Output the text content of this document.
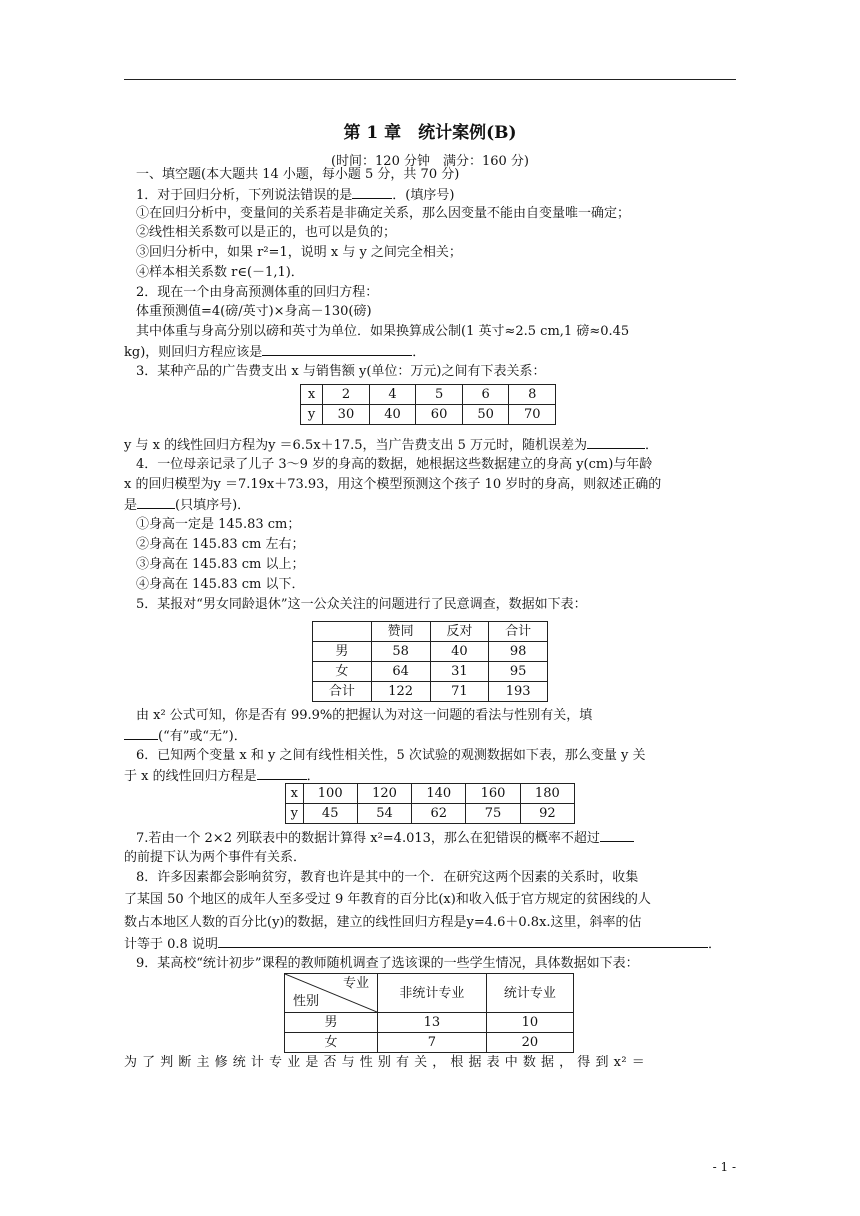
第 1 章　统计案例(B)
(时间：120 分钟　满分：160 分)
一、填空题(本大题共 14 小题，每小题 5 分，共 70 分)
1．对于回归分析，下列说法错误的是	．(填序号)
①在回归分析中，变量间的关系若是非确定关系，那么因变量不能由自变量唯一确定；
②线性相关系数可以是正的，也可以是负的；
③回归分析中，如果 r²=1，说明 x 与 y 之间完全相关；
④样本相关系数 r∈(－1,1)．
2．现在一个由身高预测体重的回归方程：
体重预测值=4(磅/英寸)×身高－130(磅)
其中体重与身高分别以磅和英寸为单位．如果换算成公制(1 英寸≈2.5 cm,1 磅≈0.45
kg)，则回归方程应该是	．
3．某种产品的广告费支出 x 与销售额 y(单位：万元)之间有下表关系：
x	2	4	5	6	8
y	30	40	60	50	70
y 与 x 的线性回归方程为y ＝6.5x＋17.5，当广告费支出 5 万元时，随机误差为	．
4．一位母亲记录了儿子 3～9 岁的身高的数据，她根据这些数据建立的身高 y(cm)与年龄
x 的回归模型为y ＝7.19x＋73.93，用这个模型预测这个孩子 10 岁时的身高，则叙述正确的
是	(只填序号)．
①身高一定是 145.83 cm；
②身高在 145.83 cm 左右；
③身高在 145.83 cm 以上；
④身高在 145.83 cm 以下．
5．某报对“男女同龄退休”这一公众关注的问题进行了民意调查，数据如下表：
	赞同	反对	合计
男	58	40	98
女	64	31	95
合计	122	71	193
由 x² 公式可知，你是否有 99.9%的把握认为对这一问题的看法与性别有关，填
(“有”或“无”)．
6．已知两个变量 x 和 y 之间有线性相关性，5 次试验的观测数据如下表，那么变量 y 关
于 x 的线性回归方程是	．
x	100	120	140	160	180
y	45	54	62	75	92
7.若由一个 2×2 列联表中的数据计算得 x²=4.013，那么在犯错误的概率不超过
的前提下认为两个事件有关系．
8．许多因素都会影响贫穷，教育也许是其中的一个．在研究这两个因素的关系时，收集
了某国 50 个地区的成年人至多受过 9 年教育的百分比(x)和收入低于官方规定的贫困线的人
数占本地区人数的百分比(y)的数据，建立的线性回归方程是y=4.6＋0.8x.这里，斜率的估
计等于 0.8 说明	．
9．某高校“统计初步”课程的教师随机调查了选该课的一些学生情况，具体数据如下表：
专业
性别	非统计专业	统计专业
男	13	10
女	7	20
为 了 判 断 主 修 统 计 专 业 是 否 与 性 别 有 关 ， 根 据 表 中 数 据 ， 得 到 x² ＝
- 1 -
